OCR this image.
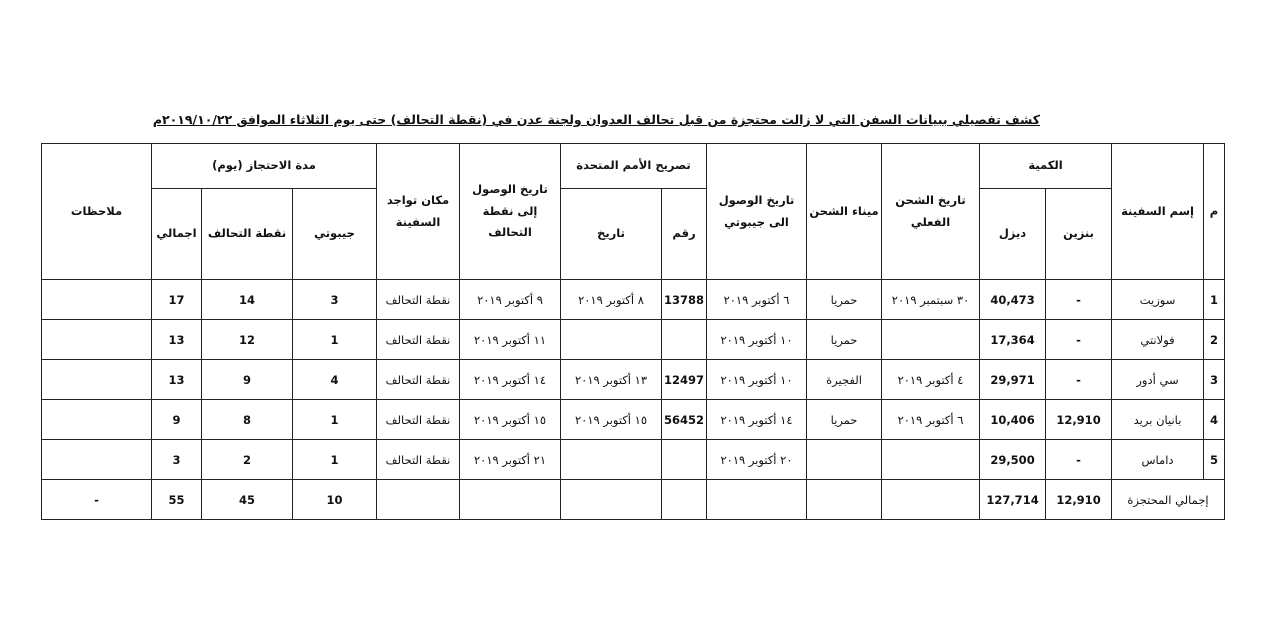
كشف تفصيلي ببيانات السفن التي لا زالت محتجزة من قبل تحالف العدوان ولجنة عدن في (نقطة التحالف) حتى يوم الثلاثاء الموافق ٢٠١٩/١٠/٢٢م
م	إسم السفينة	الكمية		تاريخ الشحن الفعلي	ميناء الشحن	تاريخ الوصول الى جيبوتي	تصريح الأمم المتحدة		تاريخ الوصول إلى نقطة التحالف	مكان تواجد السفينة	مدة الاحتجاز (يوم)			ملاحظات
							رقم	تاريخ			جيبوتي	نقطة التحالف	اجمالي	
		بنزين	ديزل											
1	سوزيت	-	40,473	٣٠ سبتمبر ٢٠١٩	حمريا	٦ أكتوبر ٢٠١٩	13788	٨ أكتوبر ٢٠١٩	٩ أكتوبر ٢٠١٩	نقطة التحالف	3	14	17	
2	فولانتي	-	17,364		حمريا	١٠ أكتوبر ٢٠١٩			١١ أكتوبر ٢٠١٩	نقطة التحالف	1	12	13	
3	سي أدور	-	29,971	٤ أكتوبر ٢٠١٩	الفجيرة	١٠ أكتوبر ٢٠١٩	12497	١٣ أكتوبر ٢٠١٩	١٤ أكتوبر ٢٠١٩	نقطة التحالف	4	9	13	
4	بانيان بريد	12,910	10,406	٦ أكتوبر ٢٠١٩	حمريا	١٤ أكتوبر ٢٠١٩	56452	١٥ أكتوبر ٢٠١٩	١٥ أكتوبر ٢٠١٩	نقطة التحالف	1	8	9	
5	داماس	-	29,500			٢٠ أكتوبر ٢٠١٩			٢١ أكتوبر ٢٠١٩	نقطة التحالف	1	2	3	
إجمالي المحتجزة		12,910	127,714								10	45	55	-
